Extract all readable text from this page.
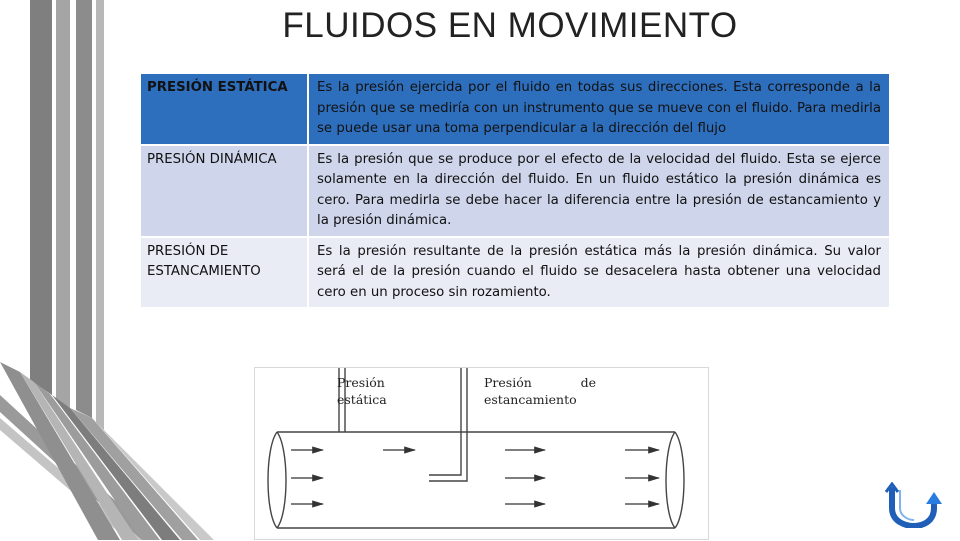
FLUIDOS EN MOVIMIENTO
PRESIÓN ESTÁTICA	Es la presión ejercida por el fluido en todas sus direcciones. Esta corresponde a la presión que se mediría con un instrumento que se mueve con el fluido. Para medirla se puede usar una toma perpendicular a la dirección del flujo
PRESIÓN DINÁMICA	Es la presión que se produce por el efecto de la velocidad del fluido. Esta se ejerce solamente en la dirección del fluido. En un fluido estático la presión dinámica es cero. Para medirla se debe hacer la diferencia entre la presión de estancamiento y la presión dinámica.
PRESIÓN DE ESTANCAMIENTO	Es la presión resultante de la presión estática más la presión dinámica. Su valor será el de la presión cuando el fluido se desacelera hasta obtener una velocidad cero en un proceso sin rozamiento.
Presión estática
Presión de estancamiento
